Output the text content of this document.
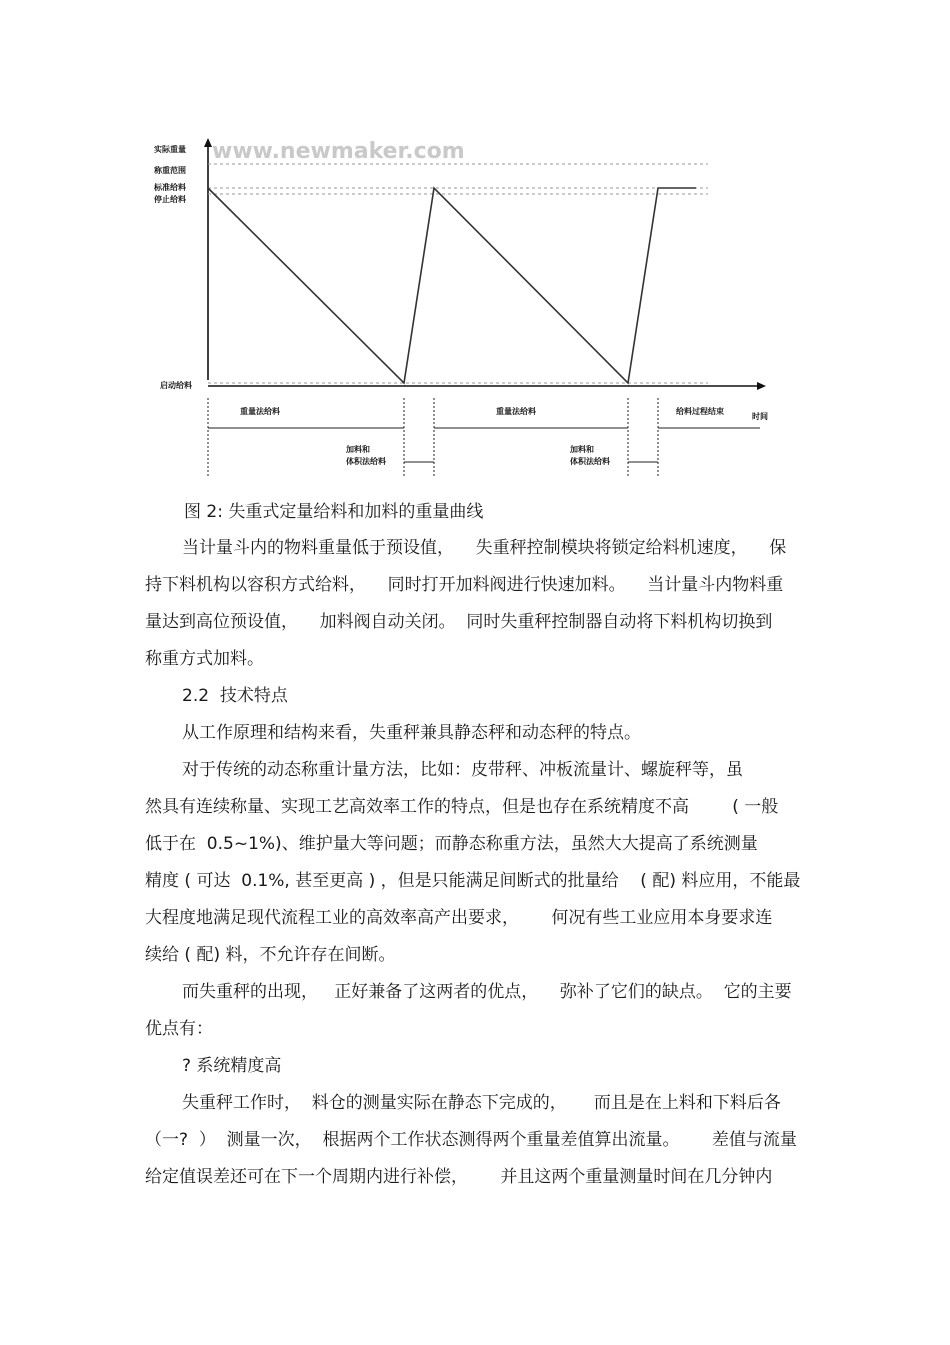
www.newmaker.com
实际重量
称重范围
标准给料
停止给料
启动给料
时间
重量法给料	重量法给料	给料过程结束
加料和
体积法给料
加料和
体积法给料
图 2: 失重式定量给料和加料的重量曲线

当计量斗内的物料重量低于预设值，    失重秤控制模块将锁定给料机速度，    保
持下料机构以容积方式给料，    同时打开加料阀进行快速加料。    当计量斗内物料重
量达到高位预设值，    加料阀自动关闭。  同时失重秤控制器自动将下料机构切换到
称重方式加料。

2.2  技术特点

从工作原理和结构来看，失重秤兼具静态秤和动态秤的特点。

对于传统的动态称重计量方法，比如：皮带秤、冲板流量计、螺旋秤等，虽
然具有连续称量、实现工艺高效率工作的特点，但是也存在系统精度不高        ( 一般
低于在  0.5~1%)、维护量大等问题；而静态称重方法，虽然大大提高了系统测量
精度 ( 可达  0.1%, 甚至更高 ) ，但是只能满足间断式的批量给    ( 配) 料应用，不能最
大程度地满足现代流程工业的高效率高产出要求，      何况有些工业应用本身要求连
续给 ( 配) 料，不允许存在间断。

而失重秤的出现，   正好兼备了这两者的优点，    弥补了它们的缺点。  它的主要
优点有：

? 系统精度高

失重秤工作时，  料仓的测量实际在静态下完成的，     而且是在上料和下料后各
（一?  ）  测量一次，  根据两个工作状态测得两个重量差值算出流量。      差值与流量
给定值误差还可在下一个周期内进行补偿，      并且这两个重量测量时间在几分钟内
